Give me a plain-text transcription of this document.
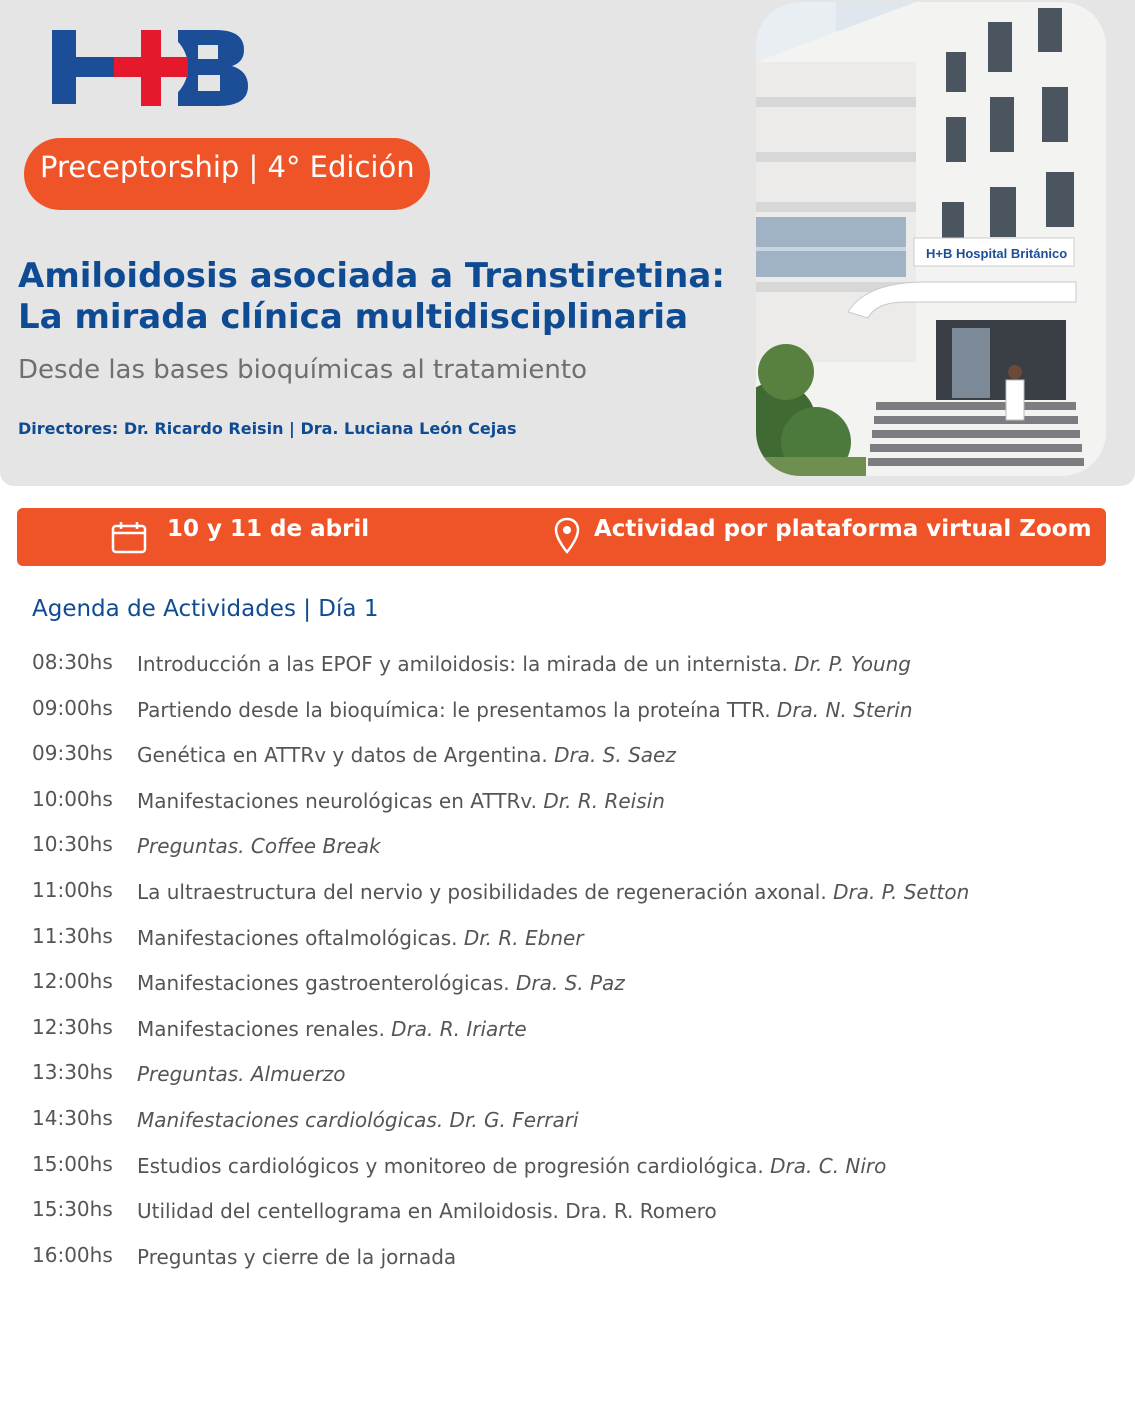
Preceptorship | 4° Edición
Amiloidosis asociada a Transtiretina:
La mirada clínica multidisciplinaria
Desde las bases bioquímicas al tratamiento
Directores: Dr. Ricardo Reisin | Dra. Luciana León Cejas
H+B Hospital Británico
10 y 11 de abril	Actividad por plataforma virtual Zoom
Agenda de Actividades | Día 1
08:30hs	Introducción a las EPOF y amiloidosis: la mirada de un internista. Dr. P. Young
09:00hs	Partiendo desde la bioquímica: le presentamos la proteína TTR. Dra. N. Sterin
09:30hs	Genética en ATTRv y datos de Argentina. Dra. S. Saez
10:00hs	Manifestaciones neurológicas en ATTRv. Dr. R. Reisin
10:30hs	Preguntas. Coffee Break
11:00hs	La ultraestructura del nervio y posibilidades de regeneración axonal. Dra. P. Setton
11:30hs	Manifestaciones oftalmológicas. Dr. R. Ebner
12:00hs	Manifestaciones gastroenterológicas. Dra. S. Paz
12:30hs	Manifestaciones renales. Dra. R. Iriarte
13:30hs	Preguntas. Almuerzo
14:30hs	Manifestaciones cardiológicas. Dr. G. Ferrari
15:00hs	Estudios cardiológicos y monitoreo de progresión cardiológica. Dra. C. Niro
15:30hs	Utilidad del centellograma en Amiloidosis. Dra. R. Romero
16:00hs	Preguntas y cierre de la jornada
